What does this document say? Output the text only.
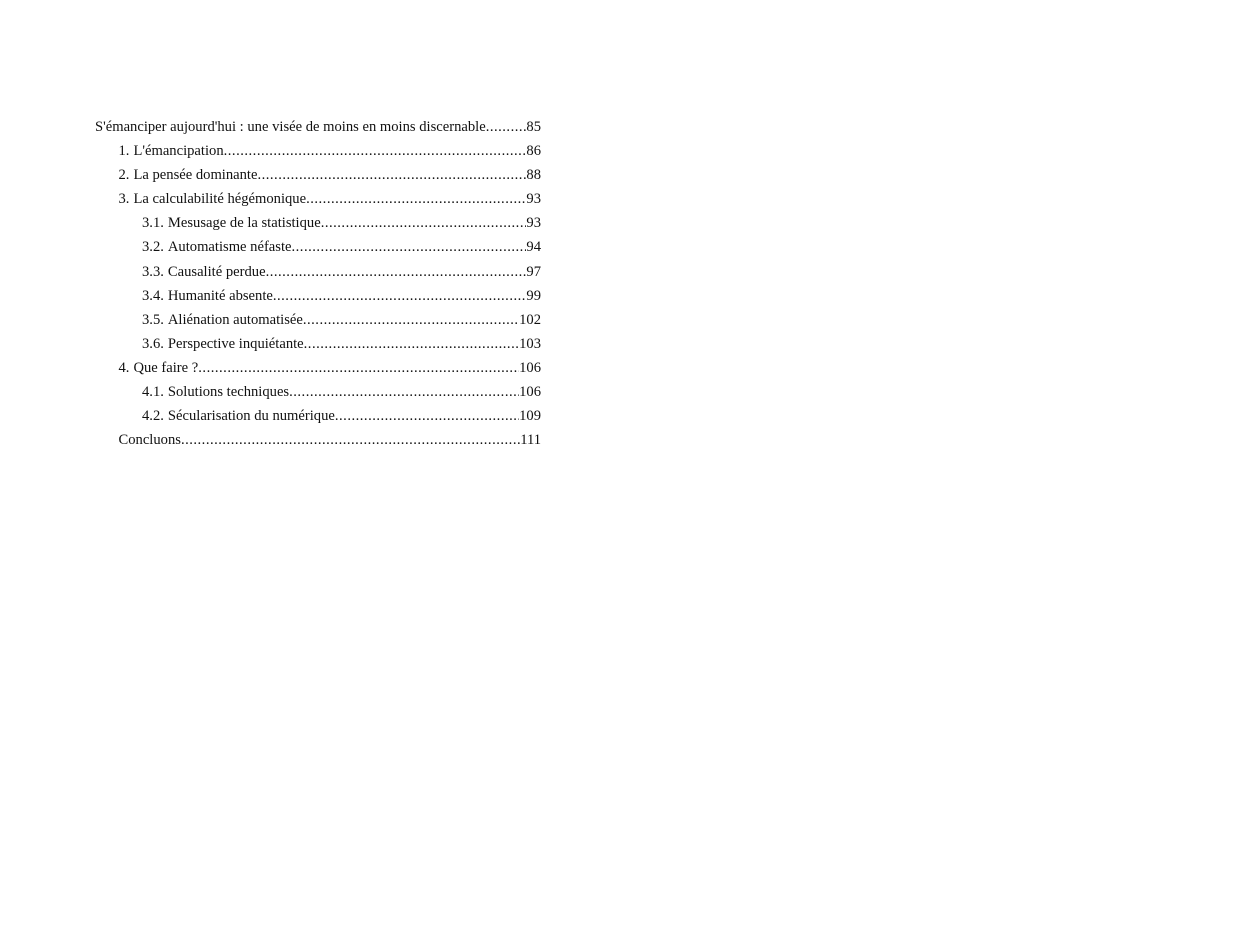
S'émanciper aujourd'hui : une visée de moins en moins discernable .....	85
1. L'émancipation .....	86
2. La pensée dominante .....	88
3. La calculabilité hégémonique .....	93
3.1. Mesusage de la statistique .....	93
3.2. Automatisme néfaste .....	94
3.3. Causalité perdue .....	97
3.4. Humanité absente .....	99
3.5. Aliénation automatisée .....	102
3.6. Perspective inquiétante .....	103
4. Que faire ? .....	106
4.1. Solutions techniques .....	106
4.2. Sécularisation du numérique .....	109
Concluons .....	111
